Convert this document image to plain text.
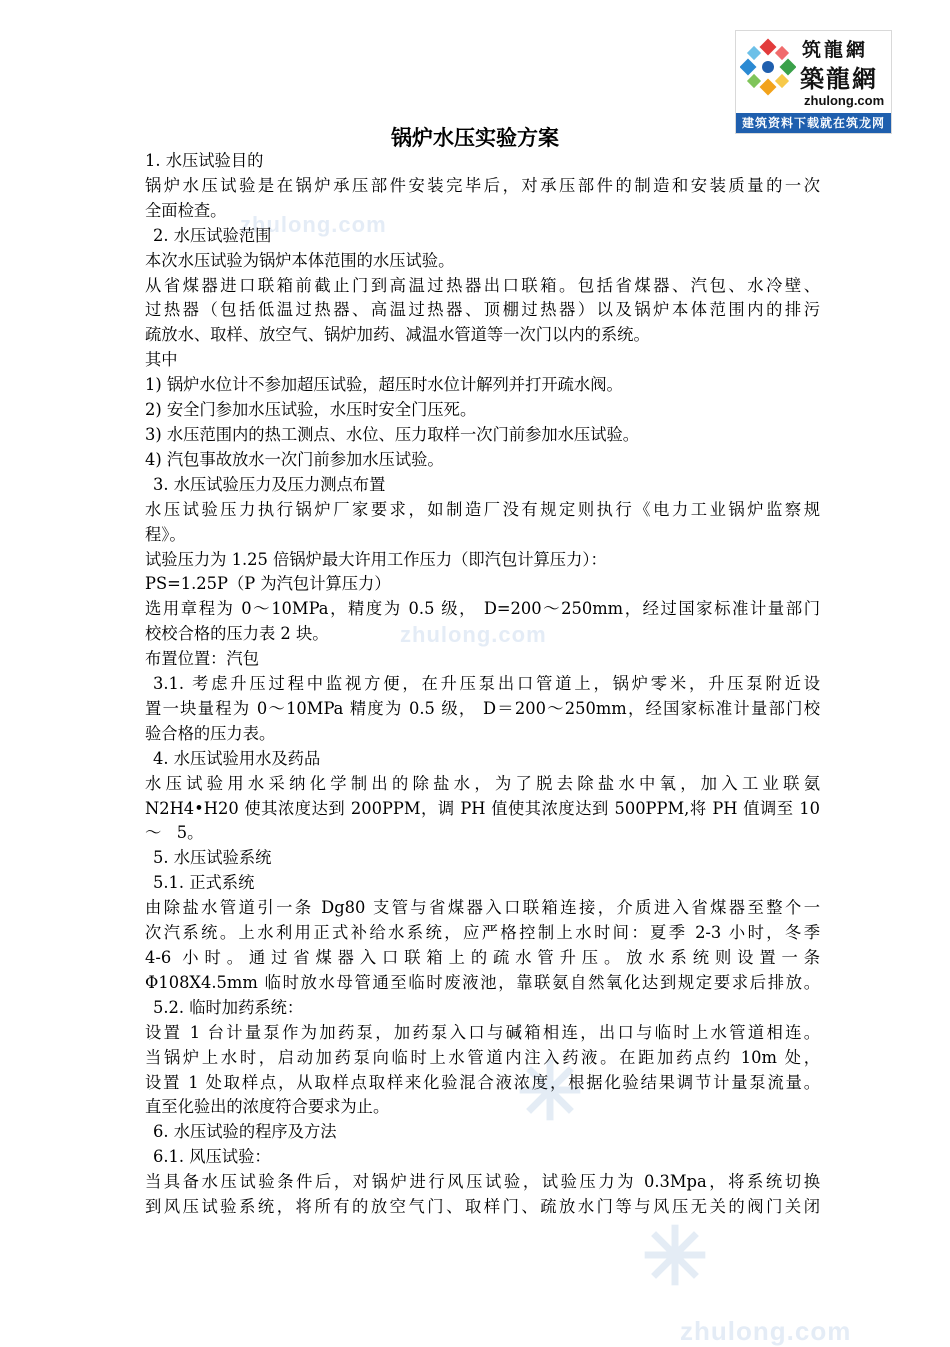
zhulong.com
zhulong.com
zhulong.com
筑龍網
築龍網
zhulong.com
建筑资料下载就在筑龙网
锅炉水压实验方案

1. 水压试验目的

锅炉水压试验是在锅炉承压部件安装完毕后，对承压部件的制造和安装质量的一次

全面检查。

2. 水压试验范围

本次水压试验为锅炉本体范围的水压试验。

从省煤器进口联箱前截止门到高温过热器出口联箱。包括省煤器、汽包、水冷壁、

过热器（包括低温过热器、高温过热器、顶棚过热器）以及锅炉本体范围内的排污

疏放水、取样、放空气、锅炉加药、减温水管道等一次门以内的系统。

其中

1) 锅炉水位计不参加超压试验，超压时水位计解列并打开疏水阀。

2) 安全门参加水压试验，水压时安全门压死。

3) 水压范围内的热工测点、水位、压力取样一次门前参加水压试验。

4) 汽包事故放水一次门前参加水压试验。

3. 水压试验压力及压力测点布置

水压试验压力执行锅炉厂家要求，如制造厂没有规定则执行《电力工业锅炉监察规

程》。

试验压力为 1.25 倍锅炉最大许用工作压力（即汽包计算压力）：

PS=1.25P（P 为汽包计算压力）

选用章程为 0～10MPa，精度为 0.5 级， D=200～250mm，经过国家标准计量部门

校校合格的压力表 2 块。

布置位置：汽包

3.1. 考虑升压过程中监视方便，在升压泵出口管道上，锅炉零米，升压泵附近设

置一块量程为 0～10MPa 精度为 0.5 级， D＝200～250mm，经国家标准计量部门校

验合格的压力表。

4. 水压试验用水及药品

水压试验用水采纳化学制出的除盐水，为了脱去除盐水中氧，加入工业联氨

N2H4•H20 使其浓度达到 200PPM，调 PH 值使其浓度达到 500PPM,将 PH 值调至 10

～   5。

5. 水压试验系统

5.1. 正式系统

由除盐水管道引一条 Dg80 支管与省煤器入口联箱连接，介质进入省煤器至整个一

次汽系统。上水利用正式补给水系统，应严格控制上水时间：夏季 2-3 小时，冬季

4-6 小时。通过省煤器入口联箱上的疏水管升压。放水系统则设置一条

Φ108X4.5mm 临时放水母管通至临时废液池，靠联氨自然氧化达到规定要求后排放。

5.2. 临时加药系统：

设置 1 台计量泵作为加药泵，加药泵入口与碱箱相连，出口与临时上水管道相连。

当锅炉上水时，启动加药泵向临时上水管道内注入药液。在距加药点约 10m 处，

设置 1 处取样点，从取样点取样来化验混合液浓度，根据化验结果调节计量泵流量。

直至化验出的浓度符合要求为止。

6. 水压试验的程序及方法

6.1. 风压试验：

当具备水压试验条件后，对锅炉进行风压试验，试验压力为 0.3Mpa，将系统切换

到风压试验系统，将所有的放空气门、取样门、疏放水门等与风压无关的阀门关闭
